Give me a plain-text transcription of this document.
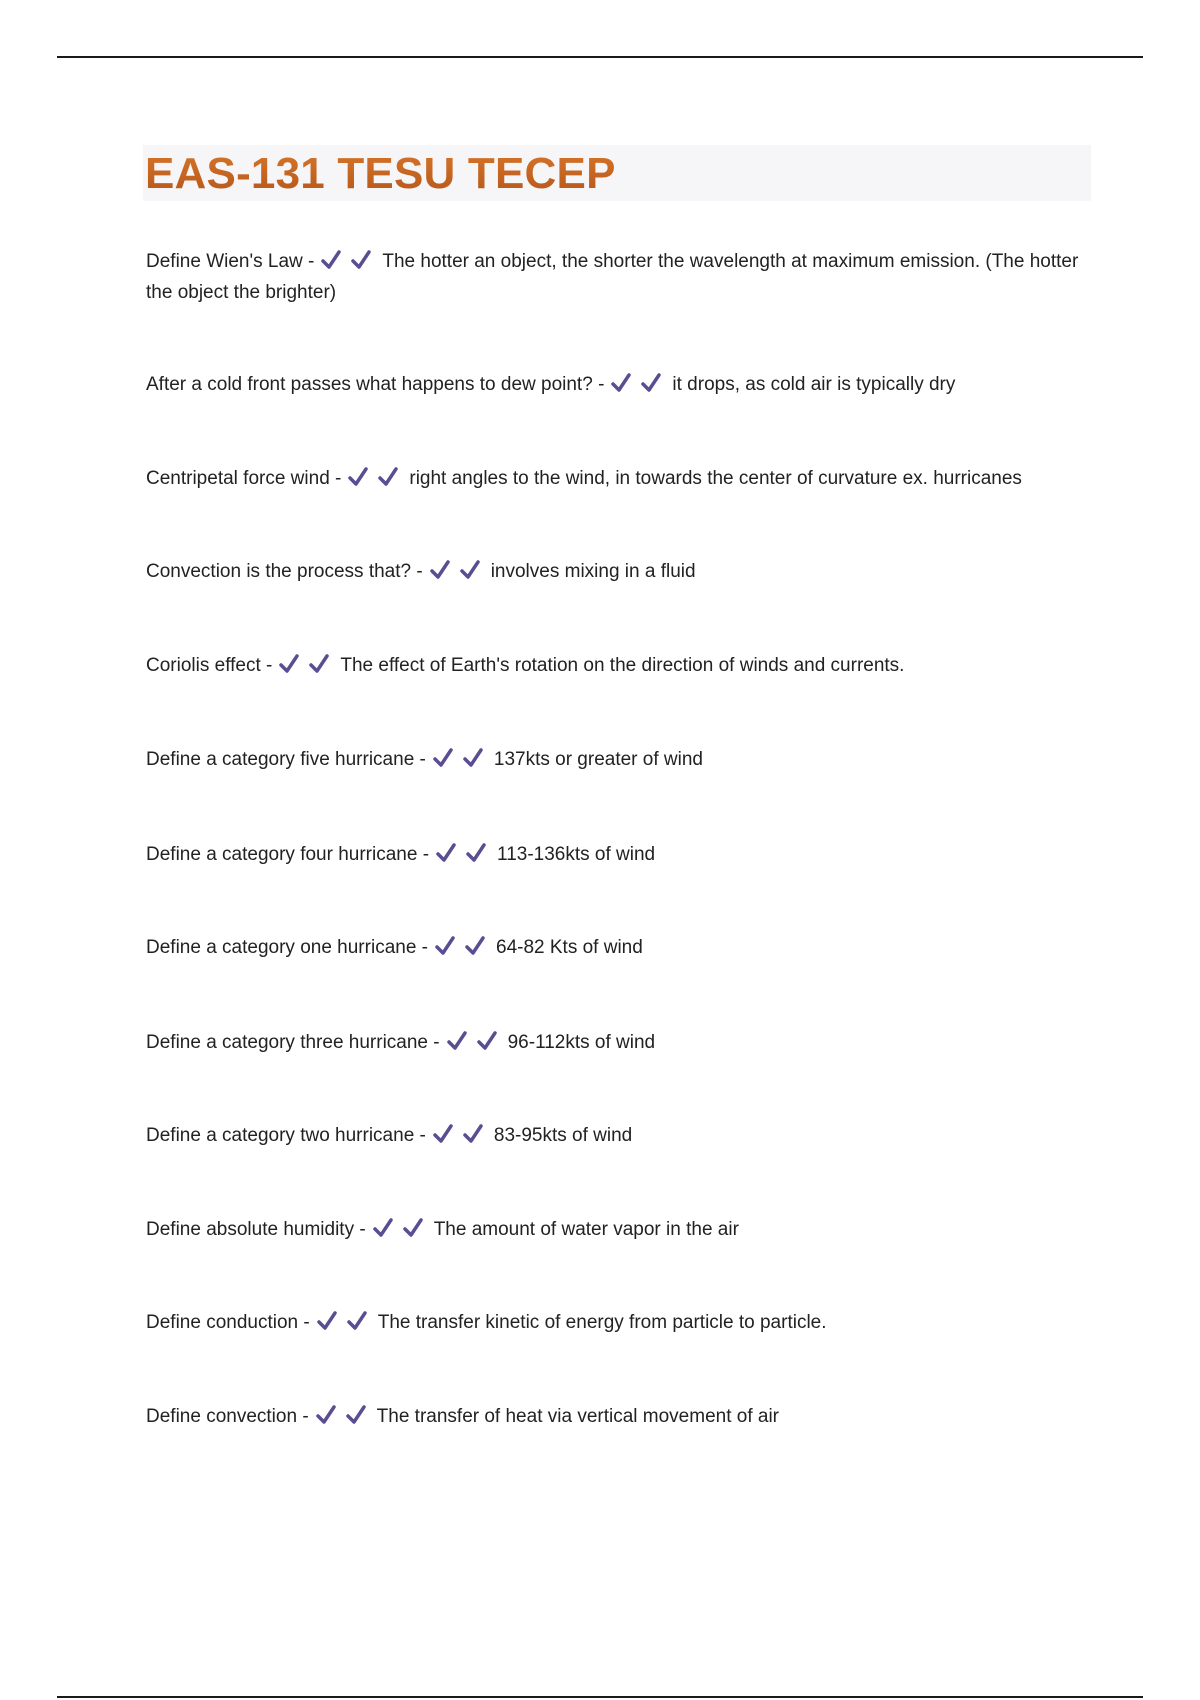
EAS-131 TESU TECEP

Define Wien's Law -	The hotter an object, the shorter the wavelength at maximum emission. (The hotter the object the brighter)

After a cold front passes what happens to dew point? -	it drops, as cold air is typically dry

Centripetal force wind -	right angles to the wind, in towards the center of curvature ex. hurricanes

Convection is the process that? -	involves mixing in a fluid

Coriolis effect -	The effect of Earth's rotation on the direction of winds and currents.

Define a category five hurricane -	137kts or greater of wind

Define a category four hurricane -	113-136kts of wind

Define a category one hurricane -	64-82 Kts of wind

Define a category three hurricane -	96-112kts of wind

Define a category two hurricane -	83-95kts of wind

Define absolute humidity -	The amount of water vapor in the air

Define conduction -	The transfer kinetic of energy from particle to particle.

Define convection -	The transfer of heat via vertical movement of air
